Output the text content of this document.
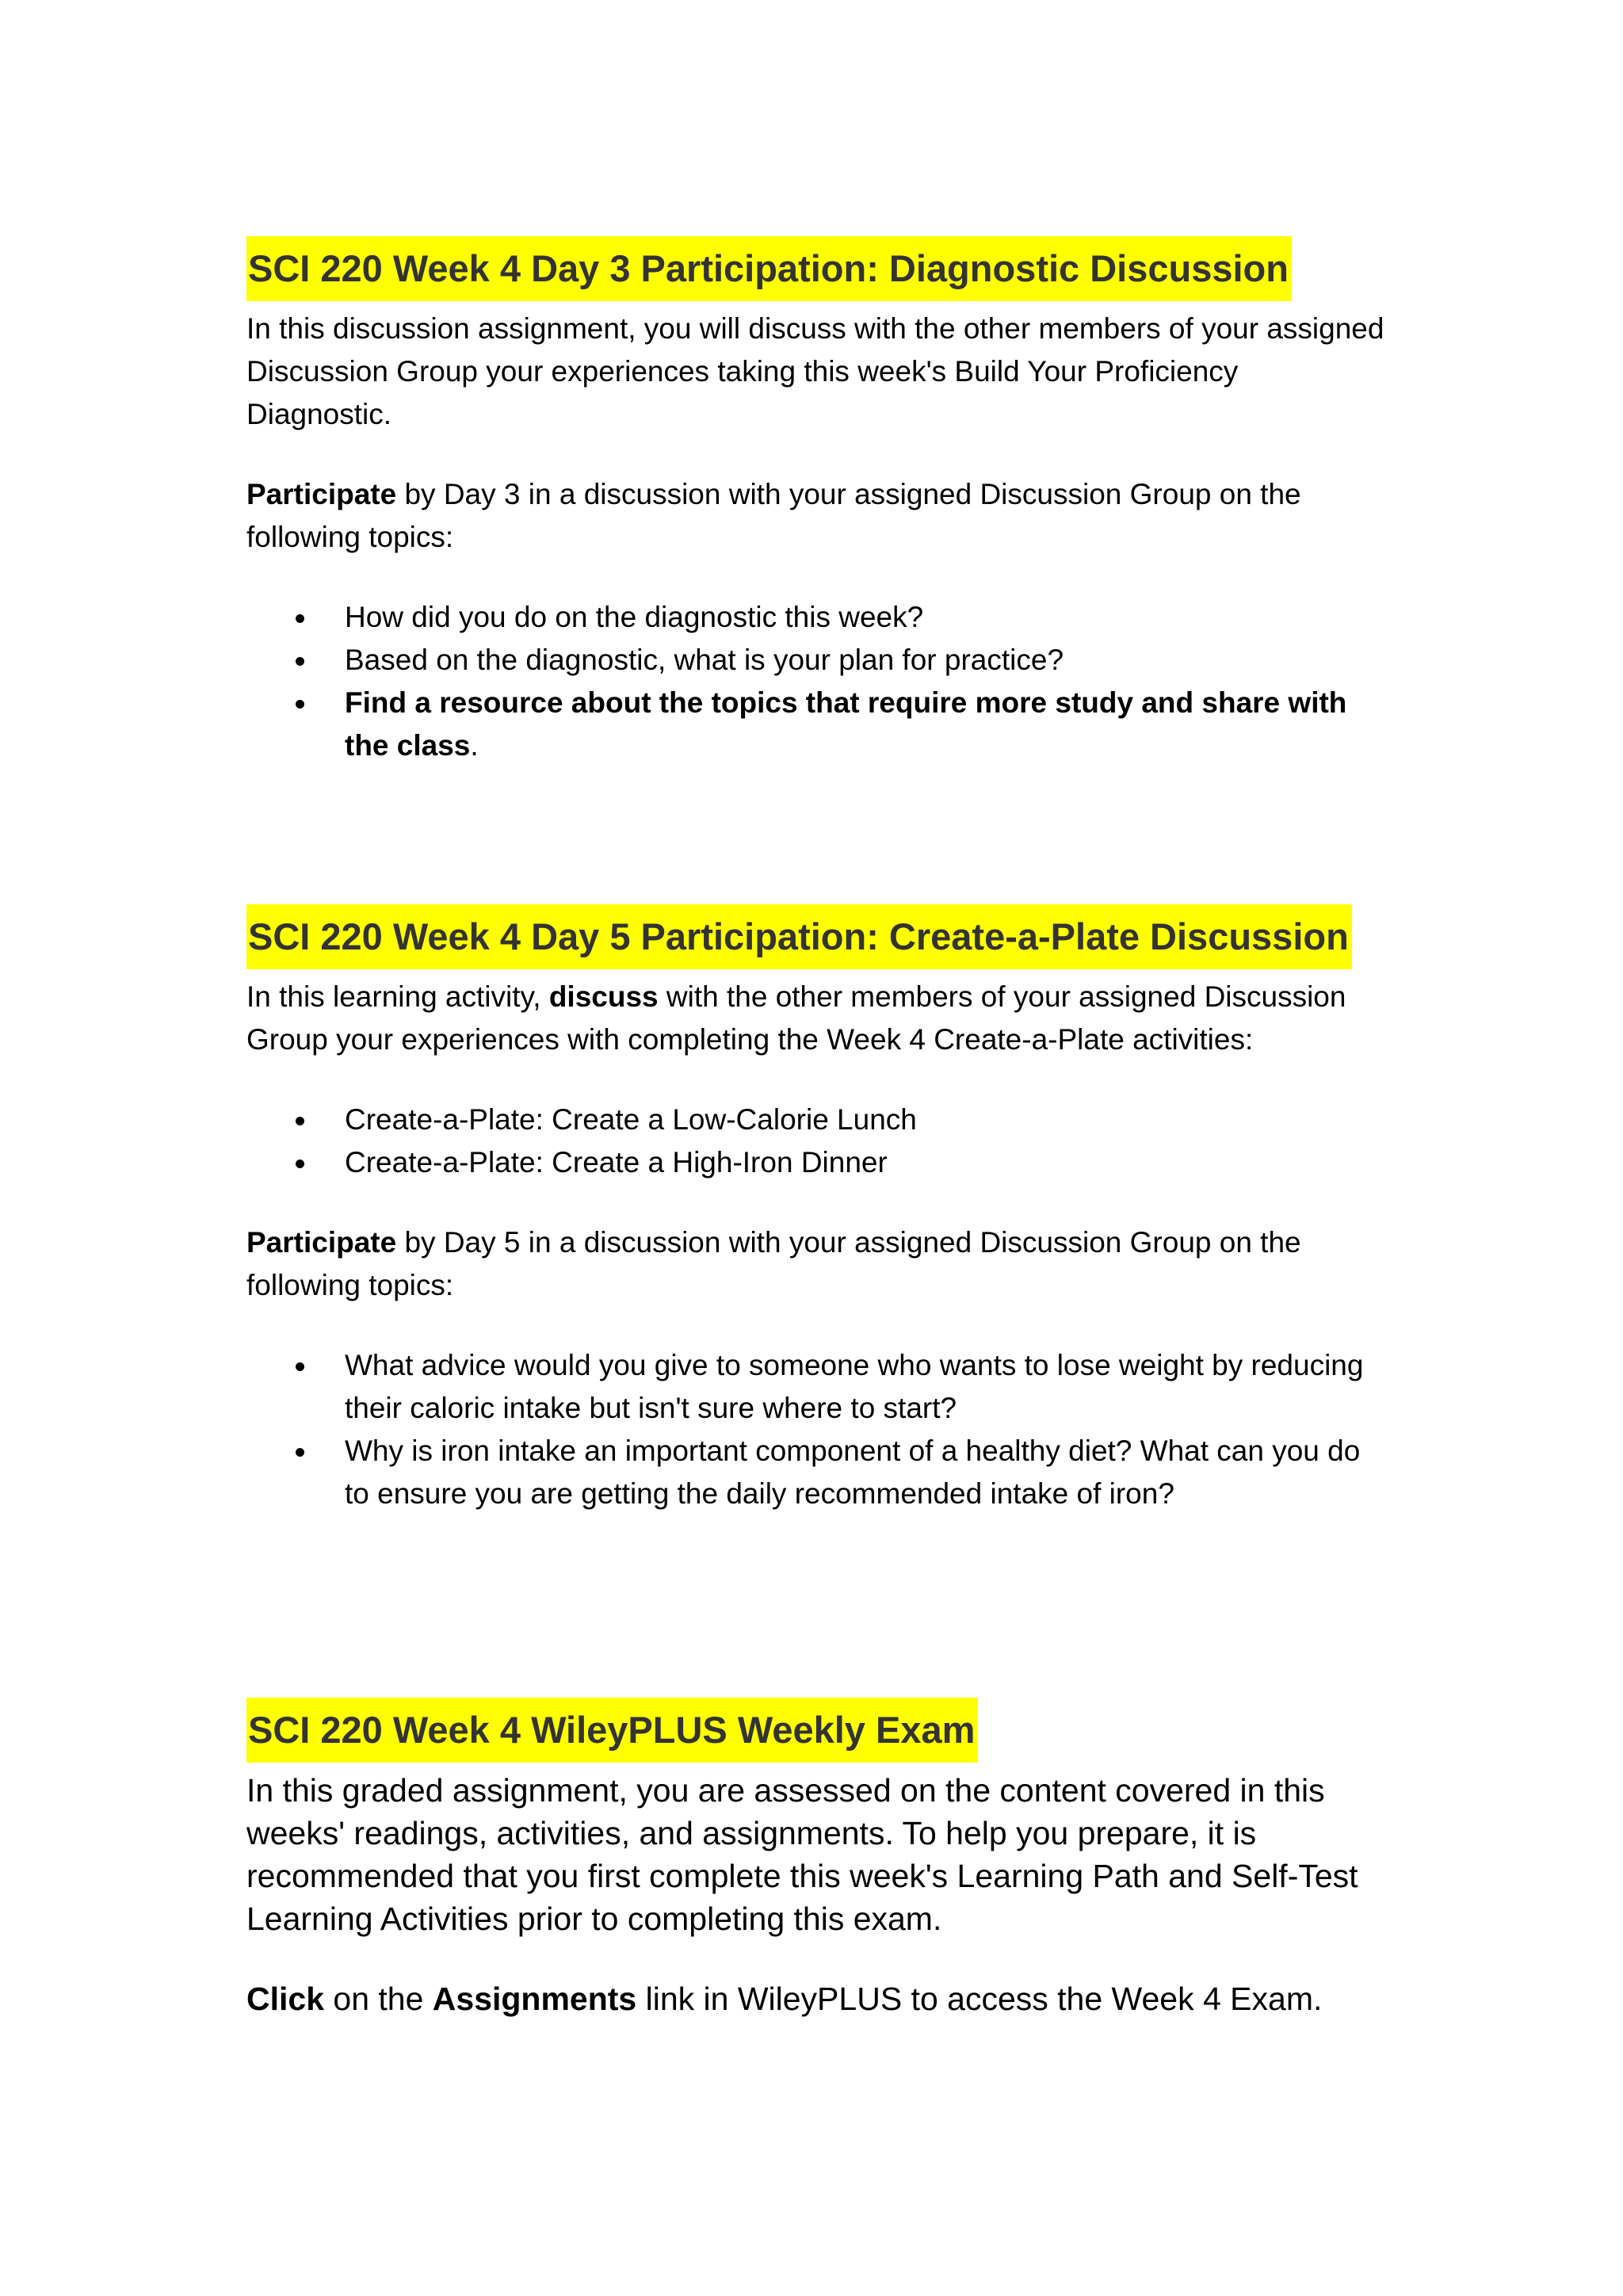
SCI 220 Week 4 Day 3 Participation: Diagnostic Discussion

In this discussion assignment, you will discuss with the other members of your assigned Discussion Group your experiences taking this week's Build Your Proficiency Diagnostic.

Participate by Day 3 in a discussion with your assigned Discussion Group on the following topics:

How did you do on the diagnostic this week?
Based on the diagnostic, what is your plan for practice?
Find a resource about the topics that require more study and share with the class.
SCI 220 Week 4 Day 5 Participation: Create-a-Plate Discussion

In this learning activity, discuss with the other members of your assigned Discussion Group your experiences with completing the Week 4 Create-a-Plate activities:

Create-a-Plate: Create a Low-Calorie Lunch
Create-a-Plate: Create a High-Iron Dinner

Participate by Day 5 in a discussion with your assigned Discussion Group on the following topics:

What advice would you give to someone who wants to lose weight by reducing their caloric intake but isn't sure where to start?
Why is iron intake an important component of a healthy diet? What can you do to ensure you are getting the daily recommended intake of iron?
SCI 220 Week 4 WileyPLUS Weekly Exam

In this graded assignment, you are assessed on the content covered in this weeks' readings, activities, and assignments. To help you prepare, it is recommended that you first complete this week's Learning Path and Self-Test Learning Activities prior to completing this exam.

Click on the Assignments link in WileyPLUS to access the Week 4 Exam.
